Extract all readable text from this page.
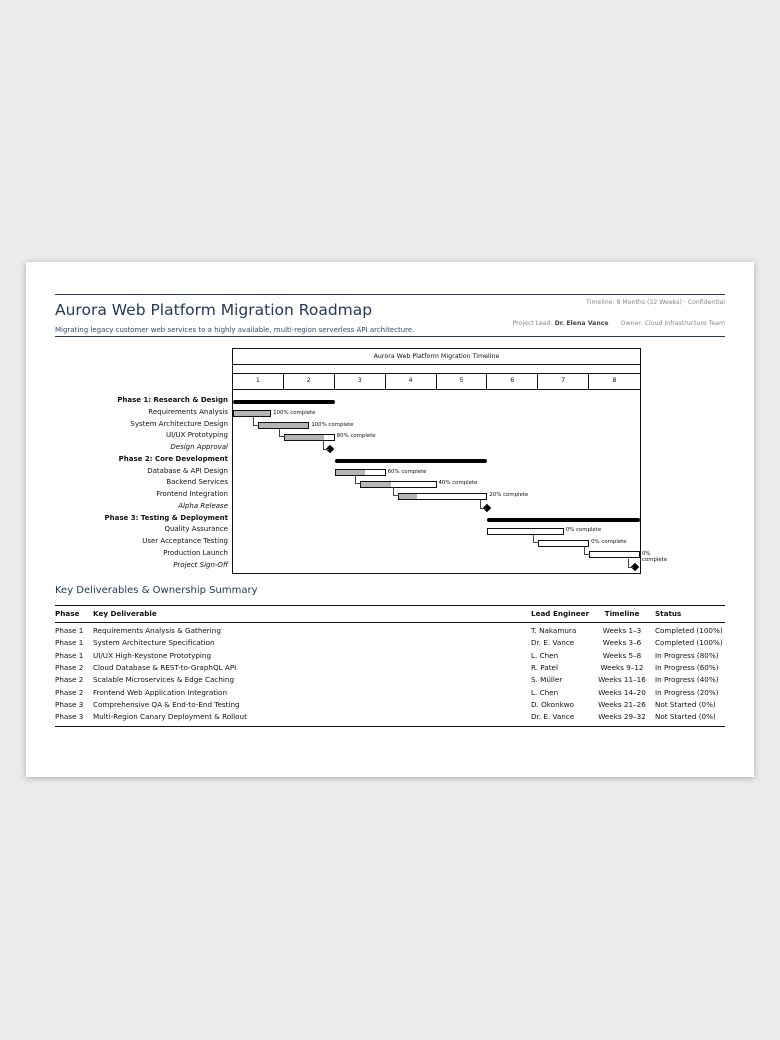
Aurora Web Platform Migration Roadmap	Timeline: 8 Months (32 Weeks) · Confidential
Project Lead: Dr. Elena Vance Owner: Cloud Infrastructure Team
Migrating legacy customer web services to a highly available, multi-region serverless API architecture.
Phase 1: Research & Design
Requirements Analysis
System Architecture Design
UI/UX Prototyping
Design Approval
Phase 2: Core Development
Database & API Design
Backend Services
Frontend Integration
Alpha Release
Phase 3: Testing & Deployment
Quality Assurance
User Acceptance Testing
Production Launch
Project Sign-Off
Aurora Web Platform Migration Timeline
1	2	3	4	5	6	7	8
100% complete
100% complete
80% complete
60% complete
40% complete
20% complete
0% complete
0% complete
0% complete
Key Deliverables & Ownership Summary
Phase Key Deliverable	Lead Engineer	Timeline	Status
Phase 1 Requirements Analysis & Gathering	T. Nakamura	Weeks 1–3	Completed (100%)
Phase 1 System Architecture Specification	Dr. E. Vance	Weeks 3–6	Completed (100%)
Phase 1 UI/UX High-Keystone Prototyping	L. Chen	Weeks 5–8	In Progress (80%)
Phase 2 Cloud Database & REST-to-GraphQL API	R. Patel	Weeks 9–12	In Progress (60%)
Phase 2 Scalable Microservices & Edge Caching	S. Müller	Weeks 11–16	In Progress (40%)
Phase 2 Frontend Web Application Integration	L. Chen	Weeks 14–20	In Progress (20%)
Phase 3 Comprehensive QA & End-to-End Testing	D. Okonkwo	Weeks 21–26	Not Started (0%)
Phase 3 Multi-Region Canary Deployment & Rollout	Dr. E. Vance	Weeks 29–32	Not Started (0%)
